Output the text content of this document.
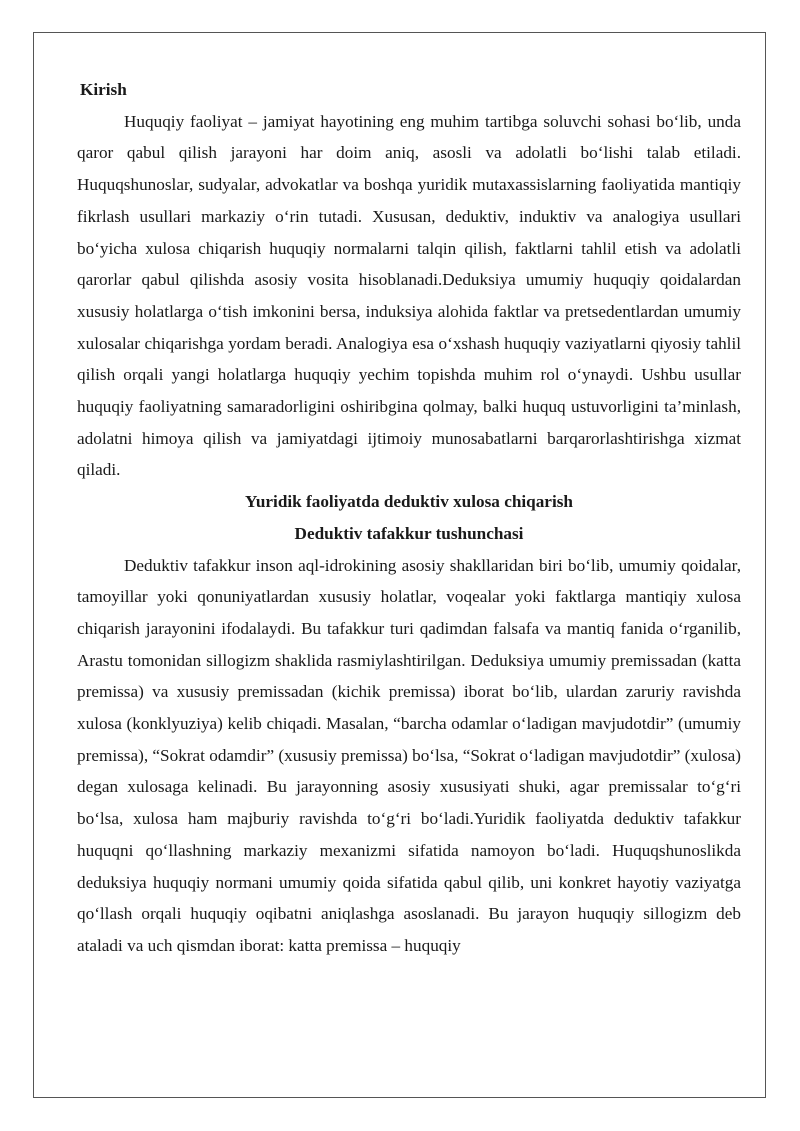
Kirish

Huquqiy faoliyat – jamiyat hayotining eng muhim tartibga soluvchi sohasi bo‘lib, unda qaror qabul qilish jarayoni har doim aniq, asosli va adolatli bo‘lishi talab etiladi. Huquqshunoslar, sudyalar, advokatlar va boshqa yuridik mutaxassislarning faoliyatida mantiqiy fikrlash usullari markaziy o‘rin tutadi. Xususan, deduktiv, induktiv va analogiya usullari bo‘yicha xulosa chiqarish huquqiy normalarni talqin qilish, faktlarni tahlil etish va adolatli qarorlar qabul qilishda asosiy vosita hisoblanadi.Deduksiya umumiy huquqiy qoidalardan xususiy holatlarga o‘tish imkonini bersa, induksiya alohida faktlar va pretsedentlardan umumiy xulosalar chiqarishga yordam beradi. Analogiya esa o‘xshash huquqiy vaziyatlarni qiyosiy tahlil qilish orqali yangi holatlarga huquqiy yechim topishda muhim rol o‘ynaydi. Ushbu usullar huquqiy faoliyatning samaradorligini oshiribgina qolmay, balki huquq ustuvorligini ta’minlash, adolatni himoya qilish va jamiyatdagi ijtimoiy munosabatlarni barqarorlashtirishga xizmat qiladi.

Yuridik faoliyatda deduktiv xulosa chiqarish

Deduktiv tafakkur tushunchasi

Deduktiv tafakkur inson aql-idrokining asosiy shakllaridan biri bo‘lib, umumiy qoidalar, tamoyillar yoki qonuniyatlardan xususiy holatlar, voqealar yoki faktlarga mantiqiy xulosa chiqarish jarayonini ifodalaydi. Bu tafakkur turi qadimdan falsafa va mantiq fanida o‘rganilib, Arastu tomonidan sillogizm shaklida rasmiylashtirilgan. Deduksiya umumiy premissadan (katta premissa) va xususiy premissadan (kichik premissa) iborat bo‘lib, ulardan zaruriy ravishda xulosa (konklyuziya) kelib chiqadi. Masalan, “barcha odamlar o‘ladigan mavjudotdir” (umumiy premissa), “Sokrat odamdir” (xususiy premissa) bo‘lsa, “Sokrat o‘ladigan mavjudotdir” (xulosa) degan xulosaga kelinadi. Bu jarayonning asosiy xususiyati shuki, agar premissalar to‘g‘ri bo‘lsa, xulosa ham majburiy ravishda to‘g‘ri bo‘ladi.Yuridik faoliyatda deduktiv tafakkur huquqni qo‘llashning markaziy mexanizmi sifatida namoyon bo‘ladi. Huquqshunoslikda deduksiya huquqiy normani umumiy qoida sifatida qabul qilib, uni konkret hayotiy vaziyatga qo‘llash orqali huquqiy oqibatni aniqlashga asoslanadi. Bu jarayon huquqiy sillogizm deb ataladi va uch qismdan iborat: katta premissa – huquqiy
